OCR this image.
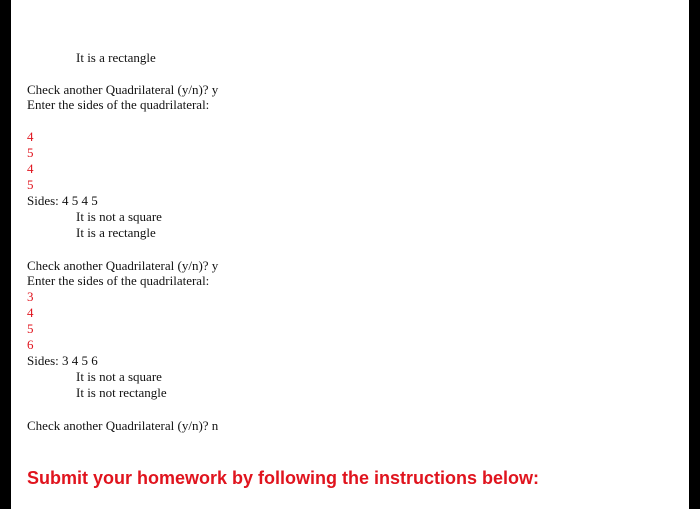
It is a rectangle
Check another Quadrilateral (y/n)? y
Enter the sides of the quadrilateral:
4
5
4
5
Sides: 4 5 4 5
It is not a square
It is a rectangle
Check another Quadrilateral (y/n)? y
Enter the sides of the quadrilateral:
3
4
5
6
Sides: 3 4 5 6
It is not a square
It is not rectangle
Check another Quadrilateral (y/n)? n
Submit your homework by following the instructions below:
